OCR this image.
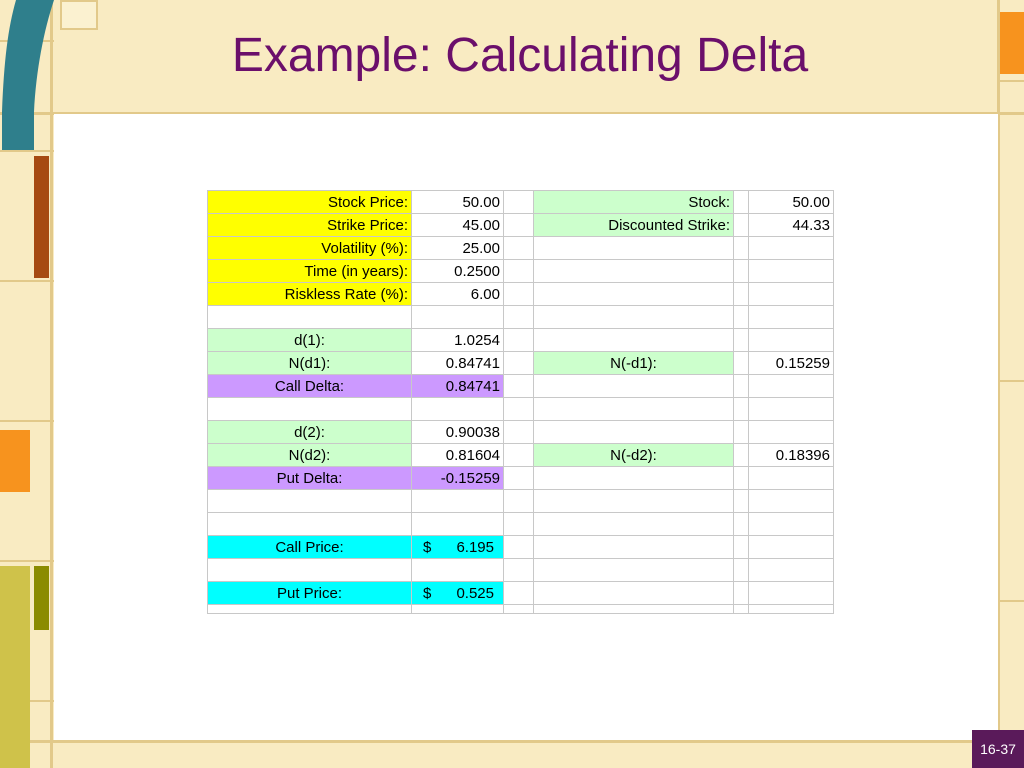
Example: Calculating Delta
Stock Price:	50.00		Stock:		50.00
Strike Price:	45.00		Discounted Strike:		44.33
Volatility (%):	25.00				
Time (in years):	0.2500				
Riskless Rate (%):	6.00				

d(1):	1.0254				
N(d1):	0.84741		N(-d1):		0.15259
Call Delta:	0.84741				

d(2):	0.90038				
N(d2):	0.81604		N(-d2):		0.18396
Put Delta:	-0.15259				

Call Price:	$ 6.195				

Put Price:	$ 0.525				

16-37
